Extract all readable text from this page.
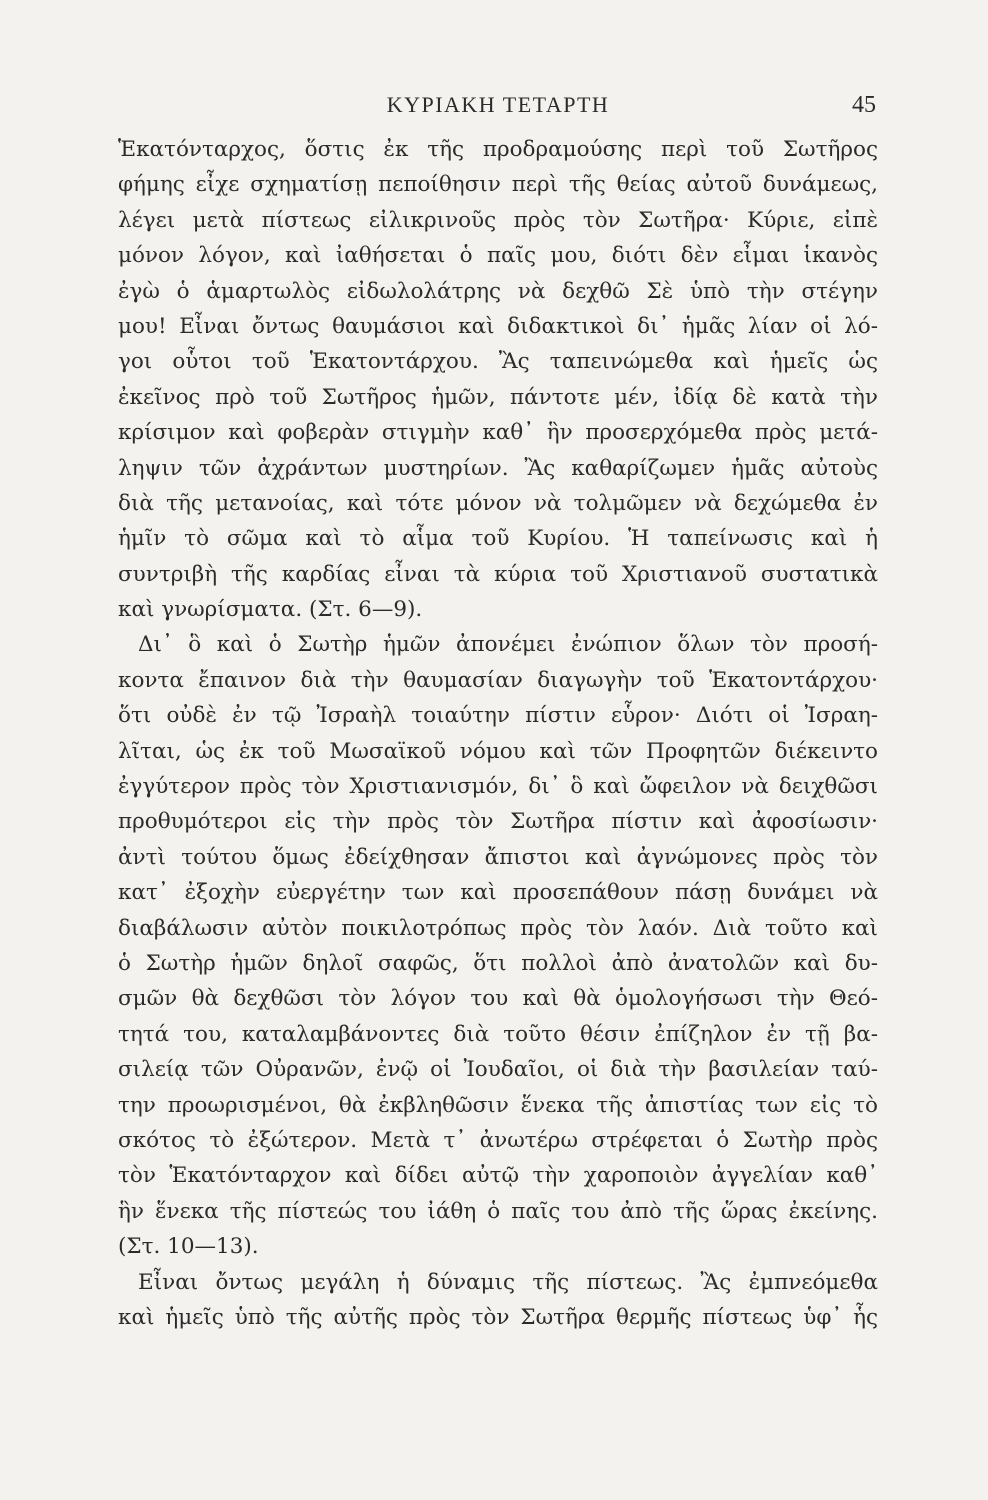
ΚΥΡΙΑΚΗ ΤΕΤΑΡΤΗ	45
Ἑκατόνταρχος, ὅστις ἐκ τῆς προδραμούσης περὶ τοῦ Σωτῆρος
φήμης εἶχε σχηματίσῃ πεποίθησιν περὶ τῆς θείας αὐτοῦ δυνάμεως,
λέγει μετὰ πίστεως εἰλικρινοῦς πρὸς τὸν Σωτῆρα· Κύριε, εἰπὲ
μόνον λόγον, καὶ ἰαθήσεται ὁ παῖς μου, διότι δὲν εἶμαι ἱκανὸς
ἐγὼ ὁ ἁμαρτωλὸς εἰδωλολάτρης νὰ δεχθῶ Σὲ ὑπὸ τὴν στέγην
μου! Εἶναι ὄντως θαυμάσιοι καὶ διδακτικοὶ δι᾿ ἡμᾶς λίαν οἱ λό-
γοι οὗτοι τοῦ Ἑκατοντάρχου. Ἂς ταπεινώμεθα καὶ ἡμεῖς ὡς
ἐκεῖνος πρὸ τοῦ Σωτῆρος ἡμῶν, πάντοτε μέν, ἰδίᾳ δὲ κατὰ τὴν
κρίσιμον καὶ φοβερὰν στιγμὴν καθ᾿ ἣν προσερχόμεθα πρὸς μετά-
ληψιν τῶν ἀχράντων μυστηρίων. Ἂς καθαρίζωμεν ἡμᾶς αὐτοὺς
διὰ τῆς μετανοίας, καὶ τότε μόνον νὰ τολμῶμεν νὰ δεχώμεθα ἐν
ἡμῖν τὸ σῶμα καὶ τὸ αἷμα τοῦ Κυρίου. Ἡ ταπείνωσις καὶ ἡ
συντριβὴ τῆς καρδίας εἶναι τὰ κύρια τοῦ Χριστιανοῦ συστατικὰ
καὶ γνωρίσματα. (Στ. 6—9).
Δι᾿ ὃ καὶ ὁ Σωτὴρ ἡμῶν ἀπονέμει ἐνώπιον ὅλων τὸν προσή-
κοντα ἔπαινον διὰ τὴν θαυμασίαν διαγωγὴν τοῦ Ἑκατοντάρχου·
ὅτι οὐδὲ ἐν τῷ Ἰσραὴλ τοιαύτην πίστιν εὗρον· Διότι οἱ Ἰσραη-
λῖται, ὡς ἐκ τοῦ Μωσαϊκοῦ νόμου καὶ τῶν Προφητῶν διέκειντο
ἐγγύτερον πρὸς τὸν Χριστιανισμόν, δι᾿ ὃ καὶ ὤφειλον νὰ δειχθῶσι
προθυμότεροι εἰς τὴν πρὸς τὸν Σωτῆρα πίστιν καὶ ἀφοσίωσιν·
ἀντὶ τούτου ὅμως ἐδείχθησαν ἄπιστοι καὶ ἀγνώμονες πρὸς τὸν
κατ᾿ ἐξοχὴν εὐεργέτην των καὶ προσεπάθουν πάσῃ δυνάμει νὰ
διαβάλωσιν αὐτὸν ποικιλοτρόπως πρὸς τὸν λαόν. Διὰ τοῦτο καὶ
ὁ Σωτὴρ ἡμῶν δηλοῖ σαφῶς, ὅτι πολλοὶ ἀπὸ ἀνατολῶν καὶ δυ-
σμῶν θὰ δεχθῶσι τὸν λόγον του καὶ θὰ ὁμολογήσωσι τὴν Θεό-
τητά του, καταλαμβάνοντες διὰ τοῦτο θέσιν ἐπίζηλον ἐν τῇ βα-
σιλείᾳ τῶν Οὐρανῶν, ἐνῷ οἱ Ἰουδαῖοι, οἱ διὰ τὴν βασιλείαν ταύ-
την προωρισμένοι, θὰ ἐκβληθῶσιν ἕνεκα τῆς ἀπιστίας των εἰς τὸ
σκότος τὸ ἐξώτερον. Μετὰ τ᾿ ἀνωτέρω στρέφεται ὁ Σωτὴρ πρὸς
τὸν Ἑκατόνταρχον καὶ δίδει αὐτῷ τὴν χαροποιὸν ἀγγελίαν καθ᾿
ἣν ἕνεκα τῆς πίστεώς του ἰάθη ὁ παῖς του ἀπὸ τῆς ὥρας ἐκείνης.
(Στ. 10—13).
Εἶναι ὄντως μεγάλη ἡ δύναμις τῆς πίστεως. Ἂς ἐμπνεόμεθα
καὶ ἡμεῖς ὑπὸ τῆς αὐτῆς πρὸς τὸν Σωτῆρα θερμῆς πίστεως ὑφ᾿ ἧς
